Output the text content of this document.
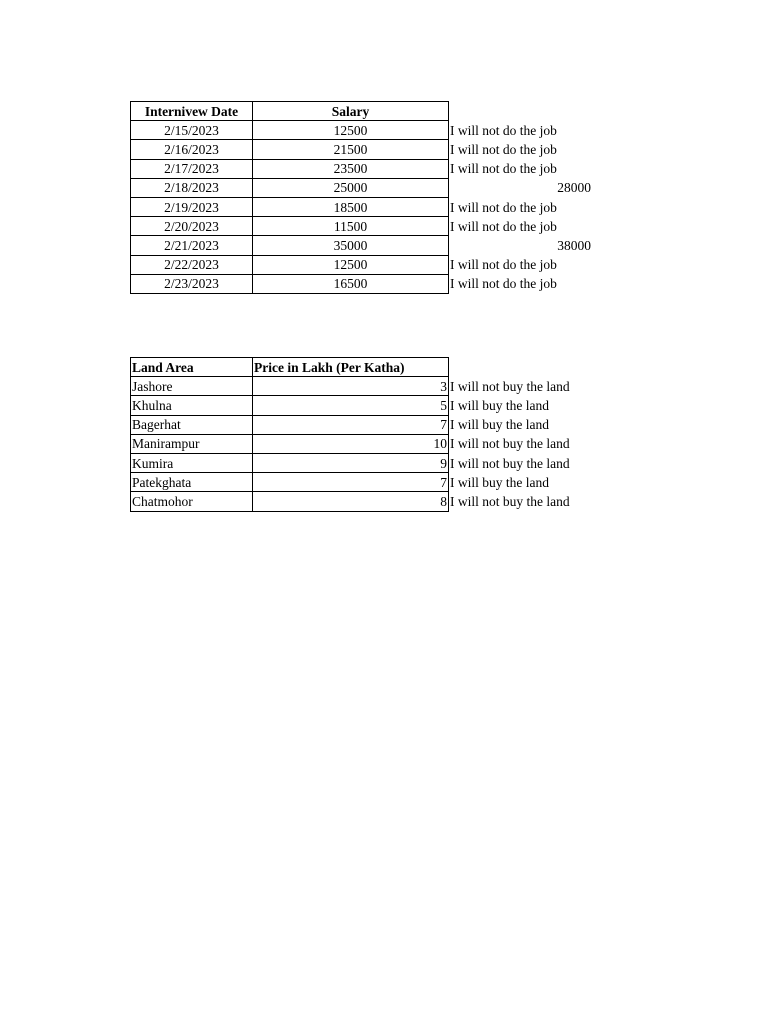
Internivew Date	Salary	
2/15/2023	12500	I will not do the job
2/16/2023	21500	I will not do the job
2/17/2023	23500	I will not do the job
2/18/2023	25000	28000
2/19/2023	18500	I will not do the job
2/20/2023	11500	I will not do the job
2/21/2023	35000	38000
2/22/2023	12500	I will not do the job
2/23/2023	16500	I will not do the job
Land Area	Price in Lakh (Per Katha)	
Jashore	3	I will not buy the land
Khulna	5	I will buy the land
Bagerhat	7	I will buy the land
Manirampur	10	I will not buy the land
Kumira	9	I will not buy the land
Patekghata	7	I will buy the land
Chatmohor	8	I will not buy the land
